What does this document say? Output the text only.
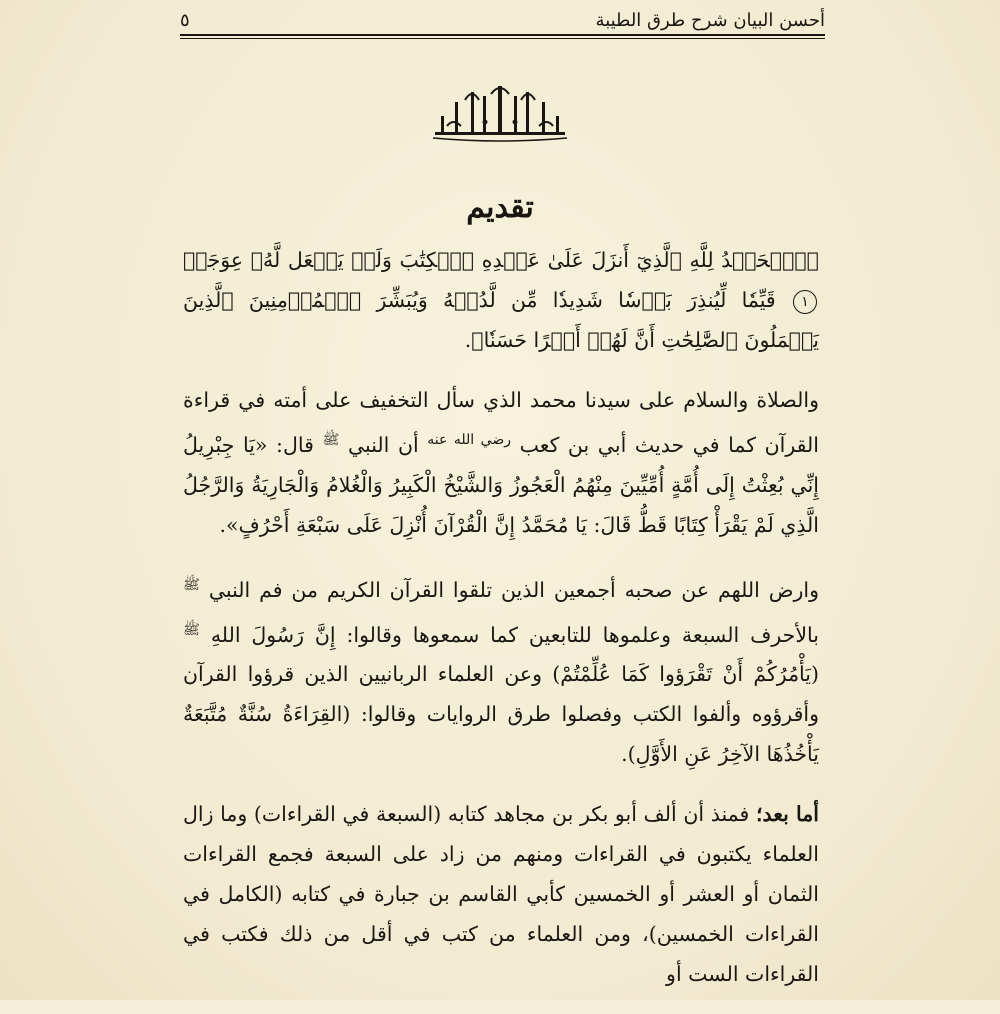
أحسن البيان شرح طرق الطيبة
٥
تقديم

﴿ٱلۡحَمۡدُ لِلَّهِ ٱلَّذِيٓ أَنزَلَ عَلَىٰ عَبۡدِهِ ٱلۡكِتَٰبَ وَلَمۡ يَجۡعَل لَّهُۥ عِوَجَاۜ ١ قَيِّمٗا لِّيُنذِرَ بَأۡسٗا شَدِيدٗا مِّن لَّدُنۡهُ وَيُبَشِّرَ ٱلۡمُؤۡمِنِينَ ٱلَّذِينَ يَعۡمَلُونَ ٱلصَّٰلِحَٰتِ أَنَّ لَهُمۡ أَجۡرًا حَسَنٗا﴾.

والصلاة والسلام على سيدنا محمد الذي سأل التخفيف على أمته في قراءة القرآن كما في حديث أبي بن كعب $^{رضي الله عنه}$ أن النبي $^ﷺ$ قال: «يَا جِبْرِيلُ إِنِّي بُعِثْتُ إِلَى أُمَّةٍ أُمِّيِّينَ مِنْهُمُ الْعَجُوزُ وَالشَّيْخُ الْكَبِيرُ وَالْغُلامُ وَالْجَارِيَةُ وَالرَّجُلُ الَّذِي لَمْ يَقْرَأْ كِتَابًا قَطُّ قَالَ: يَا مُحَمَّدُ إِنَّ الْقُرْآنَ أُنْزِلَ عَلَى سَبْعَةِ أَحْرُفٍ».

وارض اللهم عن صحبه أجمعين الذين تلقوا القرآن الكريم من فم النبي $^ﷺ$ بالأحرف السبعة وعلموها للتابعين كما سمعوها وقالوا: إِنَّ رَسُولَ اللهِ $^ﷺ$ (يَأْمُرُكُمْ أَنْ تَقْرَؤوا كَمَا عُلِّمْتُمْ) وعن العلماء الربانيين الذين قرؤوا القرآن وأقرؤوه وألفوا الكتب وفصلوا طرق الروايات وقالوا: (القِرَاءَةُ سُنَّةٌ مُتَّبَعَةٌ يَأْخُذُهَا الآخِرُ عَنِ الأَوَّلِ).

أما بعد؛ فمنذ أن ألف أبو بكر بن مجاهد كتابه (السبعة في القراءات) وما زال العلماء يكتبون في القراءات ومنهم من زاد على السبعة فجمع القراءات الثمان أو العشر أو الخمسين كأبي القاسم بن جبارة في كتابه (الكامل في القراءات الخمسين)، ومن العلماء من كتب في أقل من ذلك فكتب في القراءات الست أو
